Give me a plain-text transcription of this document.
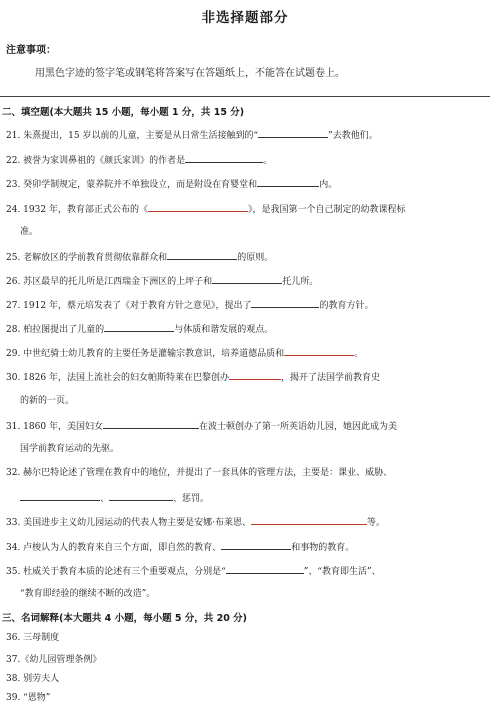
非选择题部分
注意事项：
用黑色字迹的签字笔或钢笔将答案写在答题纸上，不能答在试题卷上。
二、填空题(本大题共 15 小题，每小题 1 分，共 15 分)
21. 朱熹提出，15 岁以前的儿童，主要是从日常生活接触到的“	”去教他们。
22. 被誉为家训鼻祖的《颜氏家训》的作者是	。
23. 癸卯学制规定，蒙养院并不单独设立，而是附设在育婴堂和	内。
24. 1932 年，教育部正式公布的《	》，是我国第一个自己制定的幼教课程标
准。
25. 老解放区的学前教育贯彻依靠群众和	的原则。
26. 苏区最早的托儿所是江西瑞金下洲区的上坪子和	托儿所。
27. 1912 年，蔡元培发表了《对于教育方针之意见》，提出了	的教育方针。
28. 柏拉图提出了儿童的	与体质和谐发展的观点。
29. 中世纪骑士幼儿教育的主要任务是灌输宗教意识，培养道德品质和	。
30. 1826 年，法国上流社会的妇女帕斯特莱在巴黎创办	，揭开了法国学前教育史
的新的一页。
31. 1860 年，美国妇女	在波士顿创办了第一所英语幼儿园，她因此成为美
国学前教育运动的先驱。
32. 赫尔巴特论述了管理在教育中的地位，并提出了一套具体的管理方法，主要是：课业、威胁、
、	、惩罚。
33. 美国进步主义幼儿园运动的代表人物主要是安娜·布莱恩、	等。
34. 卢梭认为人的教育来自三个方面，即自然的教育、	和事物的教育。
35. 杜威关于教育本质的论述有三个重要观点，分别是“	”、“教育即生活”、
“教育即经验的继续不断的改造”。
三、名词解释(本大题共 4 小题，每小题 5 分，共 20 分)
36. 三母制度
37.《幼儿园管理条例》
38. 别劳夫人
39. “恩物”
